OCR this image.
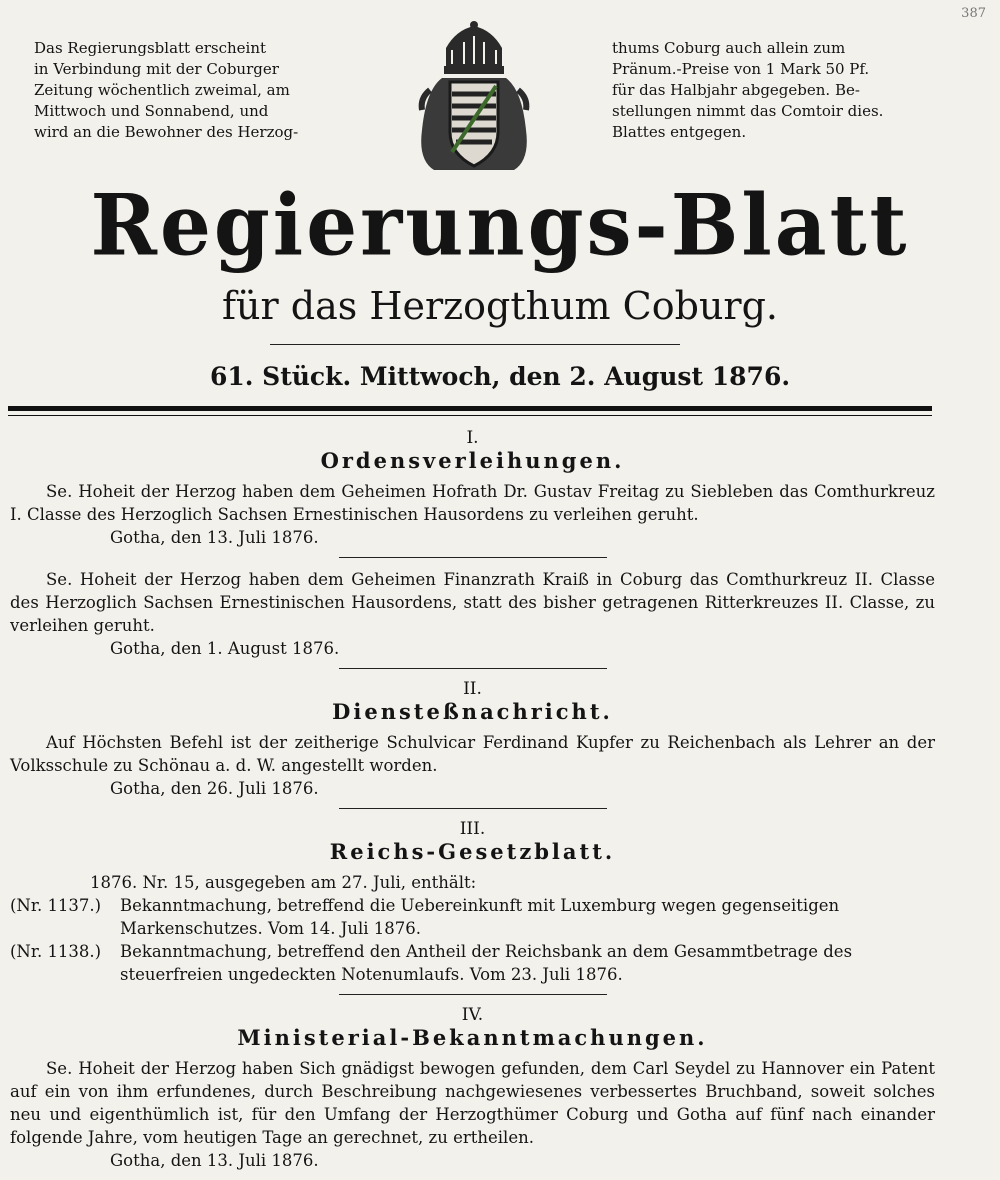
387

Das Regierungsblatt erscheint

in Verbindung mit der Coburger

Zeitung wöchentlich zweimal, am

Mittwoch und Sonnabend, und

wird an die Bewohner des Herzog-

thums Coburg auch allein zum

Pränum.-Preise von 1 Mark 50 Pf.

für das Halbjahr abgegeben. Be-

stellungen nimmt das Comtoir dies.

Blattes entgegen.

Regierungs-Blatt
für das Herzogthum Coburg.
61. Stück. Mittwoch, den 2. August 1876.
I.
Ordensverleihungen.

Se. Hoheit der Herzog haben dem Geheimen Hofrath Dr. Gustav Freitag zu Siebleben das Comthurkreuz I. Classe des Herzoglich Sachsen Ernestinischen Hausordens zu verleihen geruht.

Gotha, den 13. Juli 1876.

Se. Hoheit der Herzog haben dem Geheimen Finanzrath Kraiß in Coburg das Comthurkreuz II. Classe des Herzoglich Sachsen Ernestinischen Hausordens, statt des bisher getragenen Ritterkreuzes II. Classe, zu verleihen geruht.

Gotha, den 1. August 1876.

II.
Diensteßnachricht.

Auf Höchsten Befehl ist der zeitherige Schulvicar Ferdinand Kupfer zu Reichenbach als Lehrer an der Volksschule zu Schönau a. d. W. angestellt worden.

Gotha, den 26. Juli 1876.

III.
Reichs-Gesetzblatt.

1876. Nr. 15, ausgegeben am 27. Juli, enthält:

(Nr. 1137.)	Bekanntmachung, betreffend die Uebereinkunft mit Luxemburg wegen gegenseitigen Markenschutzes. Vom 14. Juli 1876.
(Nr. 1138.)	Bekanntmachung, betreffend den Antheil der Reichsbank an dem Gesammtbetrage des steuerfreien ungedeckten Notenumlaufs. Vom 23. Juli 1876.
IV.
Ministerial-Bekanntmachungen.

Se. Hoheit der Herzog haben Sich gnädigst bewogen gefunden, dem Carl Seydel zu Hannover ein Patent auf ein von ihm erfundenes, durch Beschreibung nachgewiesenes verbessertes Bruchband, soweit solches neu und eigenthümlich ist, für den Umfang der Herzogthümer Coburg und Gotha auf fünf nach einander folgende Jahre, vom heutigen Tage an gerechnet, zu ertheilen.

Gotha, den 13. Juli 1876.
